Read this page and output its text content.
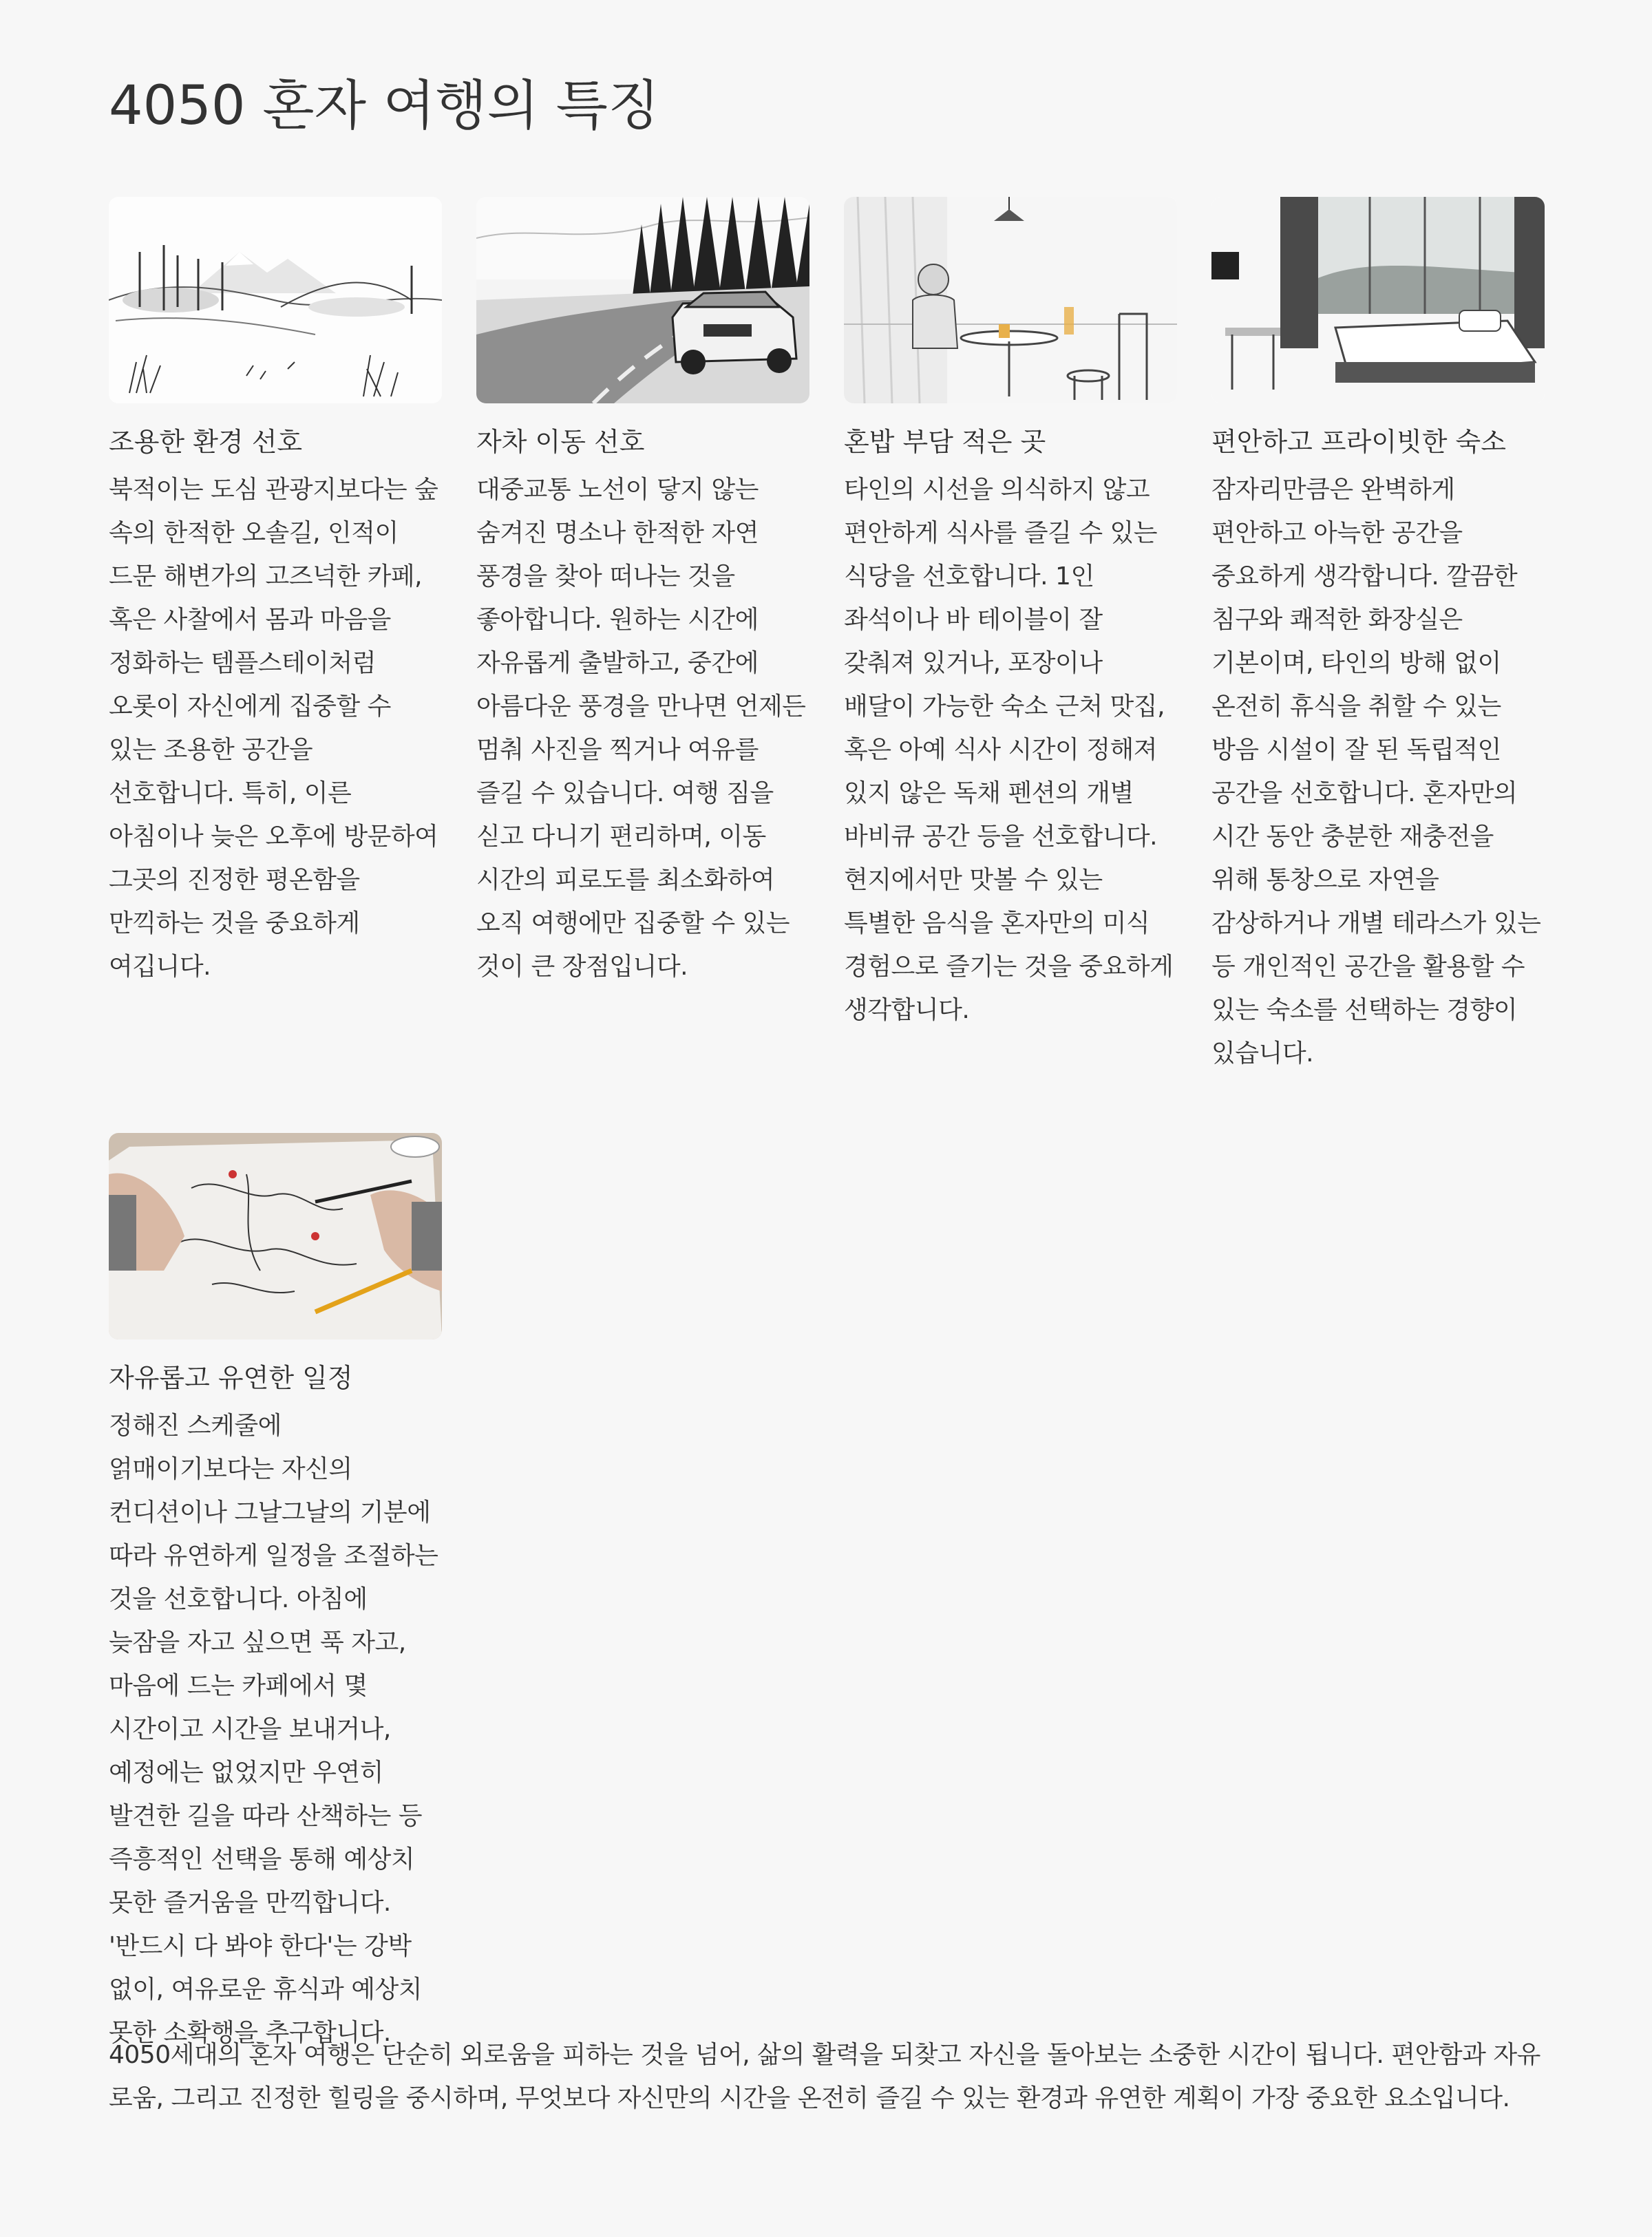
4050 혼자 여행의 특징
조용한 환경 선호

북적이는 도심 관광지보다는 숲 속의 한적한 오솔길, 인적이 드문 해변가의 고즈넉한 카페, 혹은 사찰에서 몸과 마음을 정화하는 템플스테이처럼 오롯이 자신에게 집중할 수 있는 조용한 공간을 선호합니다. 특히, 이른 아침이나 늦은 오후에 방문하여 그곳의 진정한 평온함을 만끽하는 것을 중요하게 여깁니다.

자차 이동 선호

대중교통 노선이 닿지 않는 숨겨진 명소나 한적한 자연 풍경을 찾아 떠나는 것을 좋아합니다. 원하는 시간에 자유롭게 출발하고, 중간에 아름다운 풍경을 만나면 언제든 멈춰 사진을 찍거나 여유를 즐길 수 있습니다. 여행 짐을 싣고 다니기 편리하며, 이동 시간의 피로도를 최소화하여 오직 여행에만 집중할 수 있는 것이 큰 장점입니다.

혼밥 부담 적은 곳

타인의 시선을 의식하지 않고 편안하게 식사를 즐길 수 있는 식당을 선호합니다. 1인 좌석이나 바 테이블이 잘 갖춰져 있거나, 포장이나 배달이 가능한 숙소 근처 맛집, 혹은 아예 식사 시간이 정해져 있지 않은 독채 펜션의 개별 바비큐 공간 등을 선호합니다. 현지에서만 맛볼 수 있는 특별한 음식을 혼자만의 미식 경험으로 즐기는 것을 중요하게 생각합니다.

편안하고 프라이빗한 숙소

잠자리만큼은 완벽하게 편안하고 아늑한 공간을 중요하게 생각합니다. 깔끔한 침구와 쾌적한 화장실은 기본이며, 타인의 방해 없이 온전히 휴식을 취할 수 있는 방음 시설이 잘 된 독립적인 공간을 선호합니다. 혼자만의 시간 동안 충분한 재충전을 위해 통창으로 자연을 감상하거나 개별 테라스가 있는 등 개인적인 공간을 활용할 수 있는 숙소를 선택하는 경향이 있습니다.

자유롭고 유연한 일정

정해진 스케줄에 얽매이기보다는 자신의 컨디션이나 그날그날의 기분에 따라 유연하게 일정을 조절하는 것을 선호합니다. 아침에 늦잠을 자고 싶으면 푹 자고, 마음에 드는 카페에서 몇 시간이고 시간을 보내거나, 예정에는 없었지만 우연히 발견한 길을 따라 산책하는 등 즉흥적인 선택을 통해 예상치 못한 즐거움을 만끽합니다. '반드시 다 봐야 한다'는 강박 없이, 여유로운 휴식과 예상치 못한 소확행을 추구합니다.

4050세대의 혼자 여행은 단순히 외로움을 피하는 것을 넘어, 삶의 활력을 되찾고 자신을 돌아보는 소중한 시간이 됩니다. 편안함과 자유로움, 그리고 진정한 힐링을 중시하며, 무엇보다 자신만의 시간을 온전히 즐길 수 있는 환경과 유연한 계획이 가장 중요한 요소입니다.
